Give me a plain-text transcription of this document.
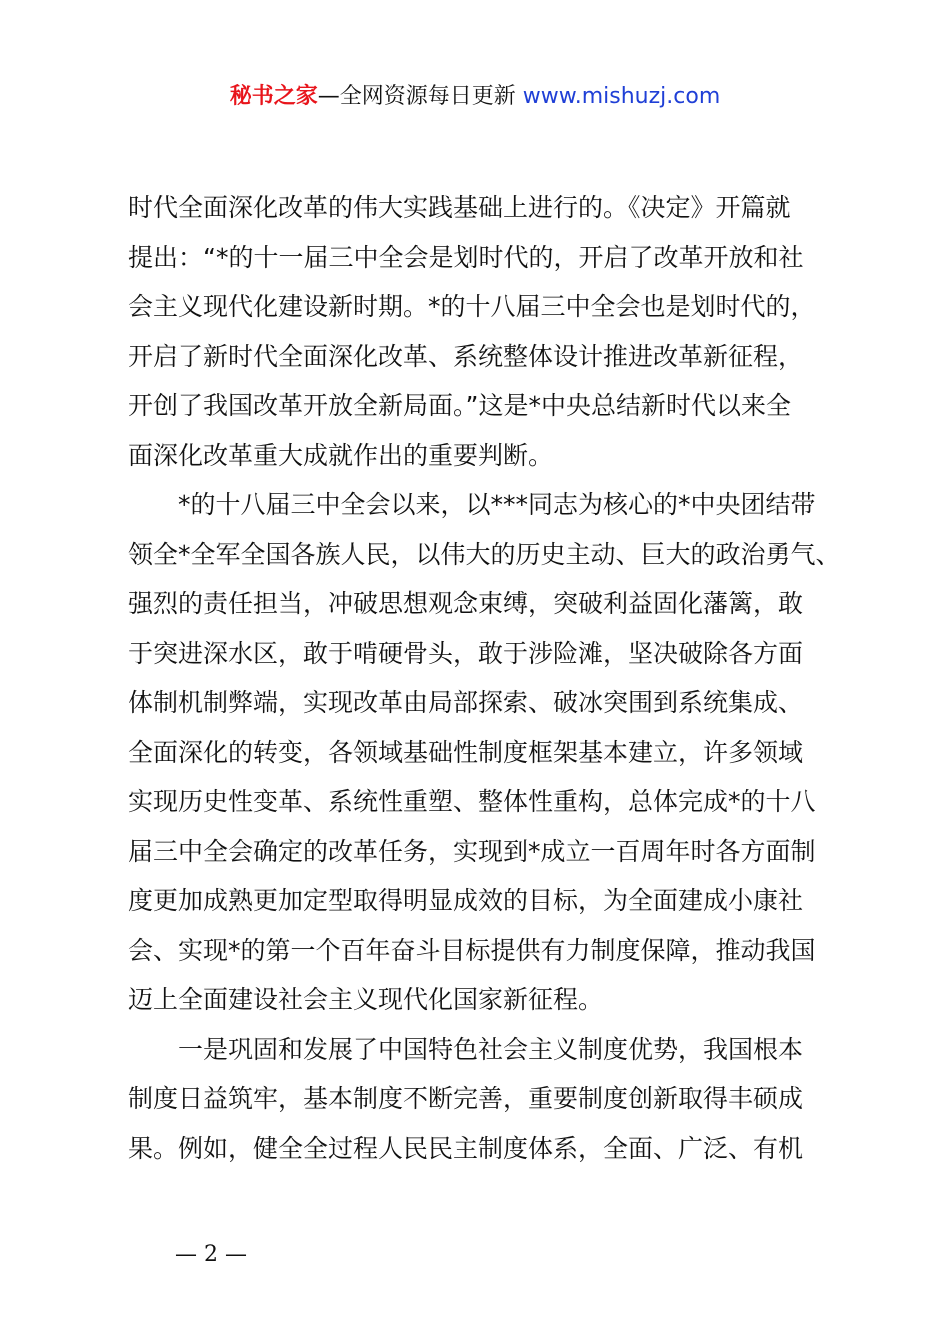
秘书之家—全网资源每日更新 www.mishuzj.com
时代全面深化改革的伟大实践基础上进行的。《决定》开篇就
提出：“*的十一届三中全会是划时代的，开启了改革开放和社
会主义现代化建设新时期。*的十八届三中全会也是划时代的，
开启了新时代全面深化改革、系统整体设计推进改革新征程，
开创了我国改革开放全新局面。”这是*中央总结新时代以来全
面深化改革重大成就作出的重要判断。
　　*的十八届三中全会以来，以***同志为核心的*中央团结带
领全*全军全国各族人民，以伟大的历史主动、巨大的政治勇气、
强烈的责任担当，冲破思想观念束缚，突破利益固化藩篱，敢
于突进深水区，敢于啃硬骨头，敢于涉险滩，坚决破除各方面
体制机制弊端，实现改革由局部探索、破冰突围到系统集成、
全面深化的转变，各领域基础性制度框架基本建立，许多领域
实现历史性变革、系统性重塑、整体性重构，总体完成*的十八
届三中全会确定的改革任务，实现到*成立一百周年时各方面制
度更加成熟更加定型取得明显成效的目标，为全面建成小康社
会、实现*的第一个百年奋斗目标提供有力制度保障，推动我国
迈上全面建设社会主义现代化国家新征程。
　　一是巩固和发展了中国特色社会主义制度优势，我国根本
制度日益筑牢，基本制度不断完善，重要制度创新取得丰硕成
果。例如，健全全过程人民民主制度体系，全面、广泛、有机
— 2 —
